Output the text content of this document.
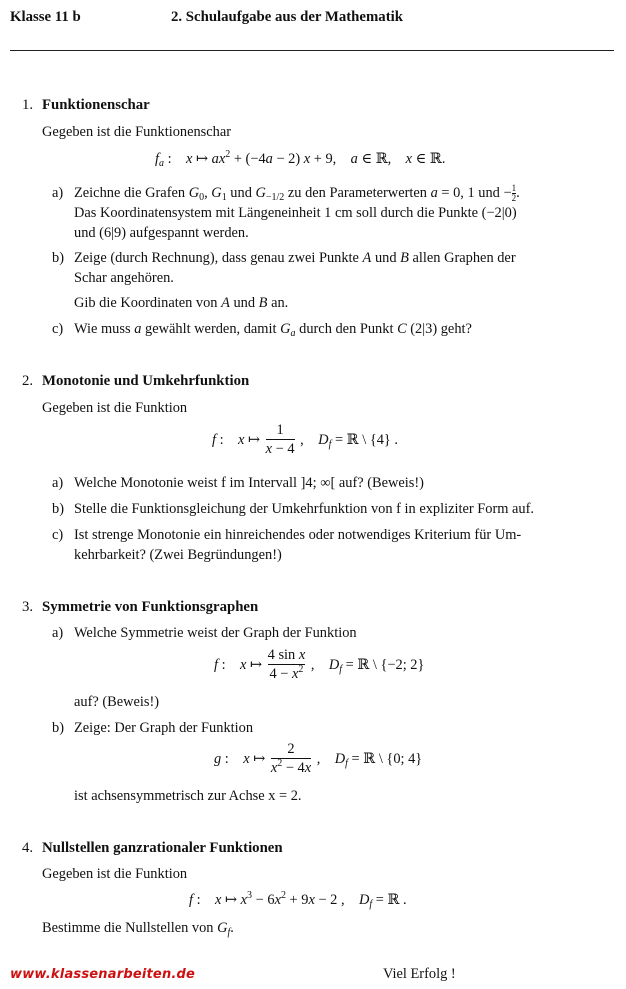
Klasse 11 b	2. Schulaufgabe aus der Mathematik
1. Funktionenschar
Gegeben ist die Funktionenschar
$f_a$ :    x ↦ $ax^2 + (-4a - 2) x + 9$,    a ∈ ℝ,    x ∈ ℝ.
a) Zeichne die Grafen $G_0$, $G_1$ und $G_{-1/2}$ zu den Parameterwerten a = 0, 1 und − $\frac{1}{2}$ .
Das Koordinatensystem mit Längeneinheit 1 cm soll durch die Punkte (−2|0)
und (6|9) aufgespannt werden.
b) Zeige (durch Rechnung), dass genau zwei Punkte A und B allen Graphen der
Schar angehören.
Gib die Koordinaten von A und B an.
c) Wie muss a gewählt werden, damit $G_a$ durch den Punkt C (2|3) geht?
2. Monotonie und Umkehrfunktion
Gegeben ist die Funktion
f :    x ↦ $\frac{1}{x - 4}$ ,    $D_f$ = ℝ \ {4} .
a) Welche Monotonie weist f im Intervall ]4; ∞[ auf? (Beweis!)
b) Stelle die Funktionsgleichung der Umkehrfunktion von f in expliziter Form auf.
c) Ist strenge Monotonie ein hinreichendes oder notwendiges Kriterium für Um-
kehrbarkeit? (Zwei Begründungen!)
3. Symmetrie von Funktionsgraphen
a) Welche Symmetrie weist der Graph der Funktion
auf? (Beweis!)
f :    x ↦ $\frac{\text{4 sin x}}{4 - x^2}$ ,    $D_f$ = ℝ \ {−2; 2}
b) Zeige: Der Graph der Funktion
ist achsensymmetrisch zur Achse x = 2.
g :    x ↦ $\frac{2}{x^2 - 4x}$ ,    $D_f$ = ℝ \ {0; 4}
4. Nullstellen ganzrationaler Funktionen
Gegeben ist die Funktion
f :    x ↦ $x^3 - 6x^2 + 9x - 2$ ,    $D_f$ = ℝ .
Bestimme die Nullstellen von $G_f$.
www.klassenarbeiten.de	Viel Erfolg !
